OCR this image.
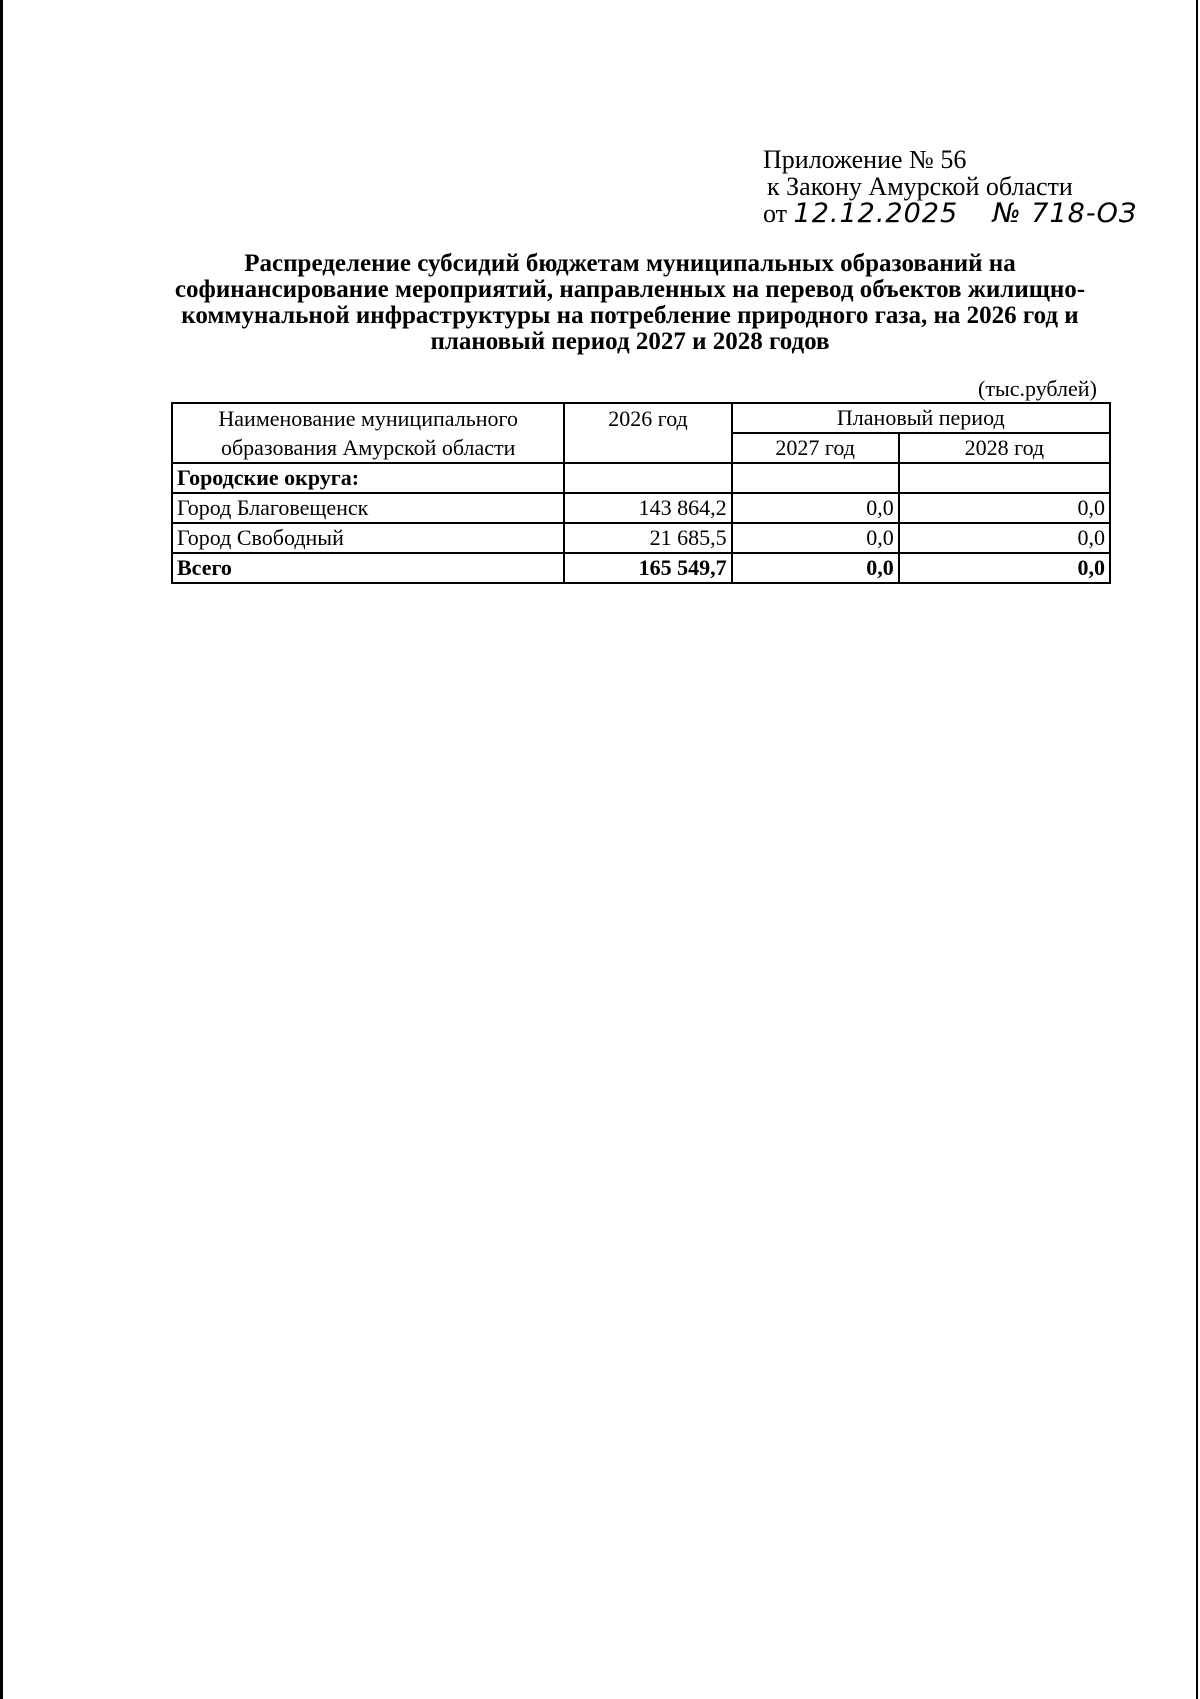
Приложение № 56
к Закону Амурской области
от 12.12.2025 № 718-ОЗ
Распределение субсидий бюджетам муниципальных образований на софинансирование мероприятий, направленных на перевод объектов жилищно-коммунальной инфраструктуры на потребление природного газа, на 2026 год и плановый период 2027 и 2028 годов
(тыс.рублей)
Наименование муниципального
образования Амурской области	2026 год	Плановый период	
		2027 год	2028 год
Городские округа:			
Город Благовещенск	143 864,2	0,0	0,0
Город Свободный	21 685,5	0,0	0,0
Всего	165 549,7	0,0	0,0
